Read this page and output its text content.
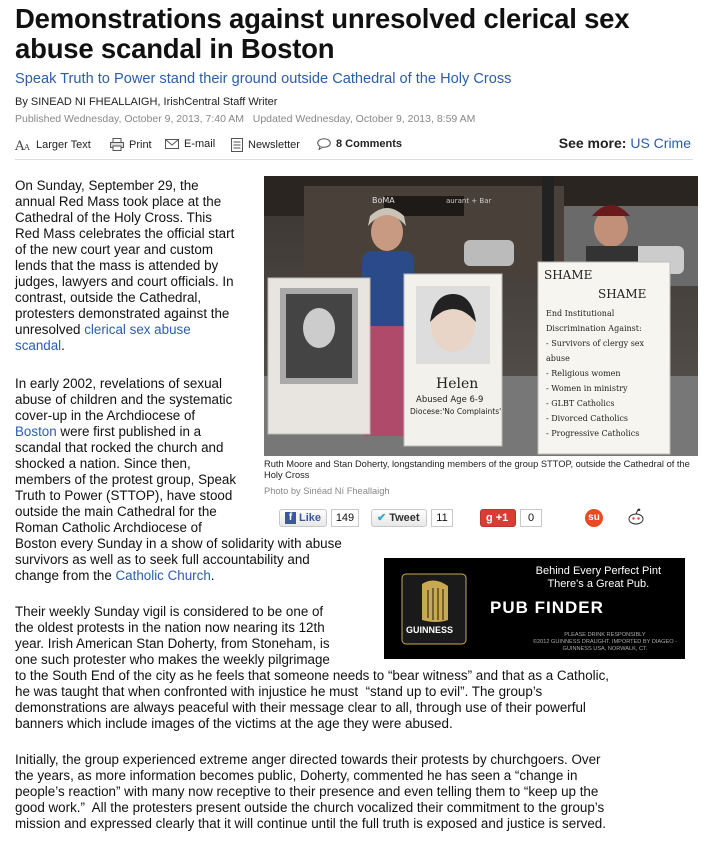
Demonstrations against unresolved clerical sex abuse scandal in Boston
Speak Truth to Power stand their ground outside Cathedral of the Holy Cross
By SINEAD NI FHEALLAIGH, IrishCentral Staff Writer
Published Wednesday, October 9, 2013, 7:40 AM   Updated Wednesday, October 9, 2013, 8:59 AM
A A Larger Text	Print	E-mail	Newsletter	8 Comments	See more: US Crime
BoMA	aurant + Bar
Helen
Abused Age 6-9
Diocese:'No Complaints'
SHAME
SHAME
End Institutional
Discrimination Against:
- Survivors of clergy sex
abuse
- Religious women
- Women in ministry
- GLBT Catholics
- Divorced Catholics
- Progressive Catholics
Ruth Moore and Stan Doherty, longstanding members of the group STTOP, outside the Cathedral of the Holy Cross
Photo by Sinéad Ní Fheallaigh
f Like	149	✔ Tweet	11	g +1	0	su
GUINNESS
Behind Every Perfect Pint
There's a Great Pub.
PUB FINDER
PLEASE DRINK RESPONSIBLY
©2012 GUINNESS DRAUGHT. IMPORTED BY DIAGEO -
GUINNESS USA, NORWALK, CT.
On Sunday, September 29, the
annual Red Mass took place at the
Cathedral of the Holy Cross. This
Red Mass celebrates the official start
of the new court year and custom
lends that the mass is attended by
judges, lawyers and court officials. In
contrast, outside the Cathedral,
protesters demonstrated against the
unresolved clerical sex abuse
scandal.
In early 2002, revelations of sexual
abuse of children and the systematic
cover-up in the Archdiocese of
Boston were first published in a
scandal that rocked the church and
shocked a nation. Since then,
members of the protest group, Speak
Truth to Power (STTOP), have stood
outside the main Cathedral for the
Roman Catholic Archdiocese of
Boston every Sunday in a show of solidarity with abuse
survivors as well as to seek full accountability and
change from the Catholic Church.
Their weekly Sunday vigil is considered to be one of
the oldest protests in the nation now nearing its 12th
year. Irish American Stan Doherty, from Stoneham, is
one such protester who makes the weekly pilgrimage
to the South End of the city as he feels that someone needs to “bear witness” and that as a Catholic,
he was taught that when confronted with injustice he must  “stand up to evil”. The group’s
demonstrations are always peaceful with their message clear to all, through use of their powerful
banners which include images of the victims at the age they were abused.
Initially, the group experienced extreme anger directed towards their protests by churchgoers. Over
the years, as more information becomes public, Doherty, commented he has seen a “change in
people’s reaction” with many now receptive to their presence and even telling them to “keep up the
good work.”  All the protesters present outside the church vocalized their commitment to the group’s
mission and expressed clearly that it will continue until the full truth is exposed and justice is served.
